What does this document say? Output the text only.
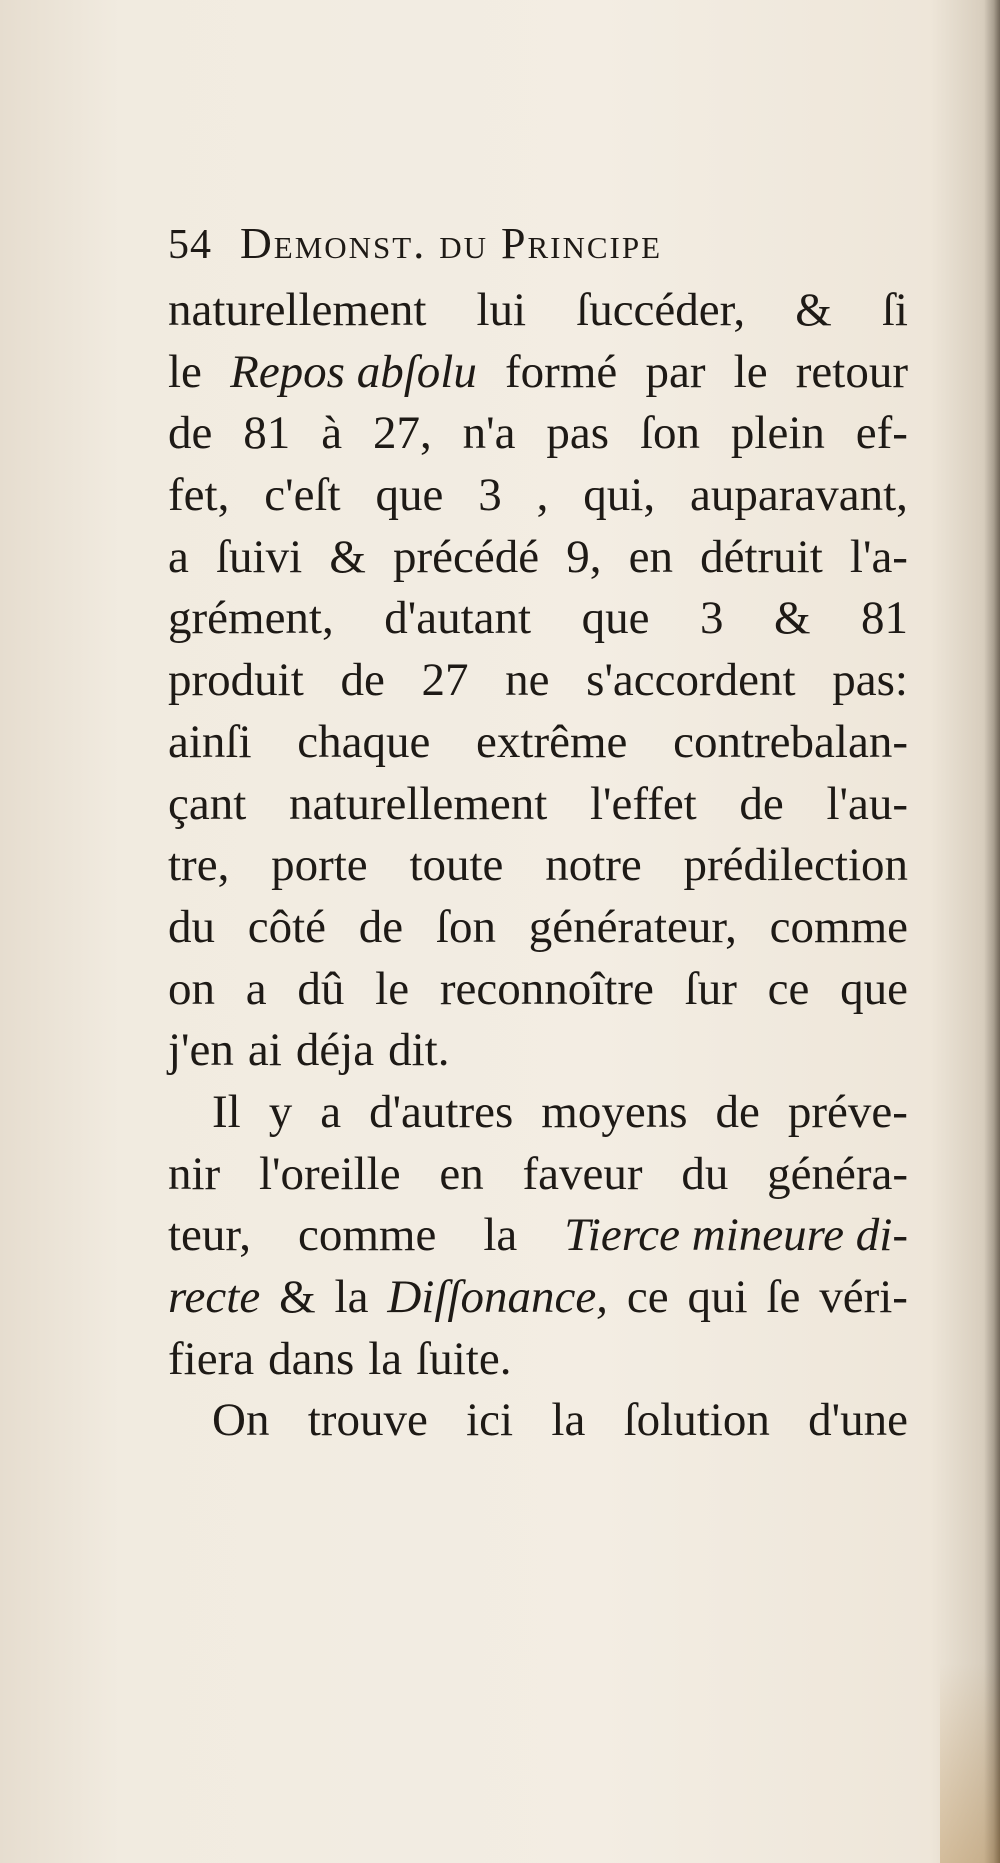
54 Demonst. du Principe
naturellement lui ſuccéder, & ſi
le Repos abſolu formé par le retour
de 81 à 27, n'a pas ſon plein ef-
fet, c'eſt que 3 , qui, auparavant,
a ſuivi & précédé 9, en détruit l'a-
grément, d'autant que 3 & 81
produit de 27 ne s'accordent pas:
ainſi chaque extrême contrebalan-
çant naturellement l'effet de l'au-
tre, porte toute notre prédilection
du côté de ſon générateur, comme
on a dû le reconnoître ſur ce que
j'en ai déja dit.
Il y a d'autres moyens de préve-
nir l'oreille en faveur du généra-
teur, comme la Tierce mineure di-
recte & la Diſſonance, ce qui ſe véri-
fiera dans la ſuite.
On trouve ici la ſolution d'une
